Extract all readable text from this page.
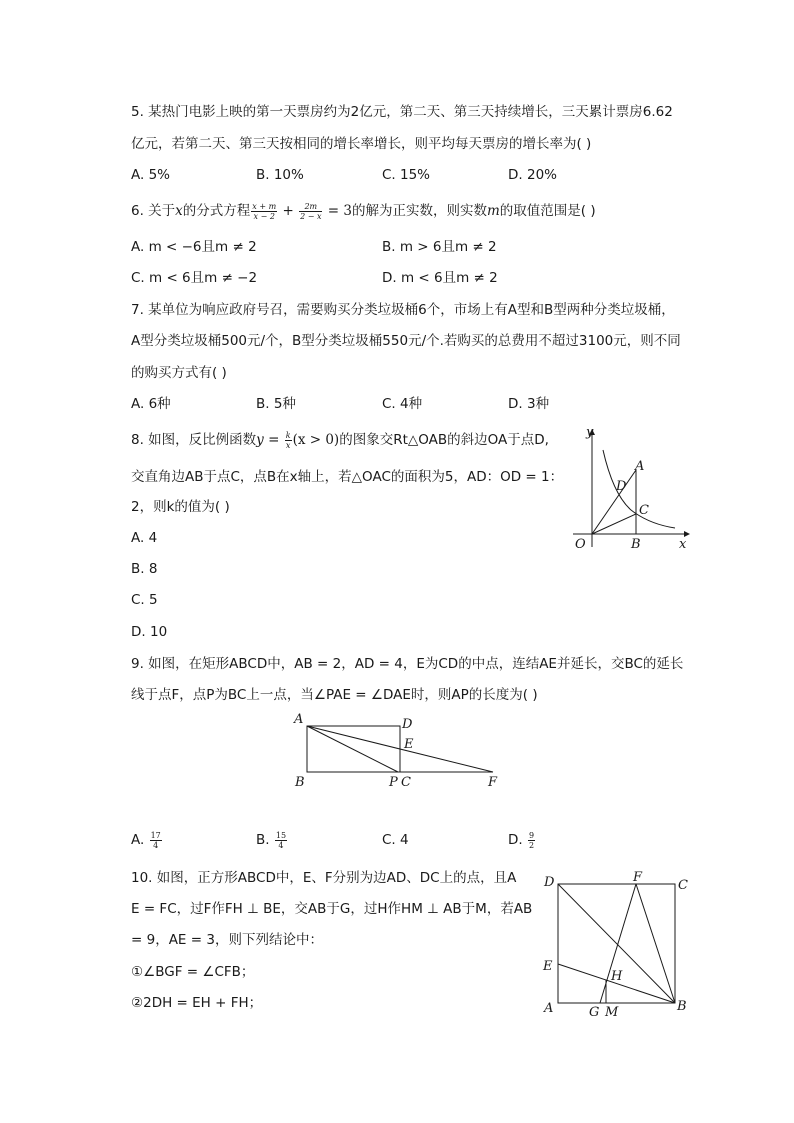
5. 某热门电影上映的第一天票房约为2亿元，第二天、第三天持续增长，三天累计票房6.62
亿元，若第二天、第三天按相同的增长率增长，则平均每天票房的增长率为( )
A. 5%	B. 10%	C. 15%	D. 20%
6. 关于x的分式方程 $\frac{x + m}{x - 2} + \frac{2m}{2 - x} = 3$的解为正实数，则实数m的取值范围是( )
A. m < −6且m ≠ 2	B. m > 6且m ≠ 2
C. m < 6且m ≠ −2	D. m < 6且m ≠ 2
7. 某单位为响应政府号召，需要购买分类垃圾桶6个，市场上有A型和B型两种分类垃圾桶，
A型分类垃圾桶500元/个，B型分类垃圾桶550元/个.若购买的总费用不超过3100元，则不同
的购买方式有( )
A. 6种	B. 5种	C. 4种	D. 3种
8. 如图，反比例函数$y = \frac{k}{x} (x > 0)$的图象交Rt△OAB的斜边OA于点D,
交直角边AB于点C，点B在x轴上，若△OAC的面积为5，AD：OD = 1：
2，则k的值为( )
A. 4
B. 8
C. 5
D. 10
y
x
O
A
B
C
D
9. 如图，在矩形ABCD中，AB = 2，AD = 4，E为CD的中点，连结AE并延长，交BC的延长
线于点F，点P为BC上一点，当∠PAE = ∠DAE时，则AP的长度为( )
A	D
E
B	P C	F
A. $\frac{17}{4}$	B. $\frac{15}{4}$	C. 4	D. $\frac{9}{2}$
10. 如图，正方形ABCD中，E、F分别为边AD、DC上的点，且A
E = FC，过F作FH ⊥ BE，交AB于G，过H作HM ⊥ AB于M，若AB
= 9，AE = 3，则下列结论中：
①∠BGF = ∠CFB；
②2DH = EH + FH；
D	F
C
E
H
A	G M	B
